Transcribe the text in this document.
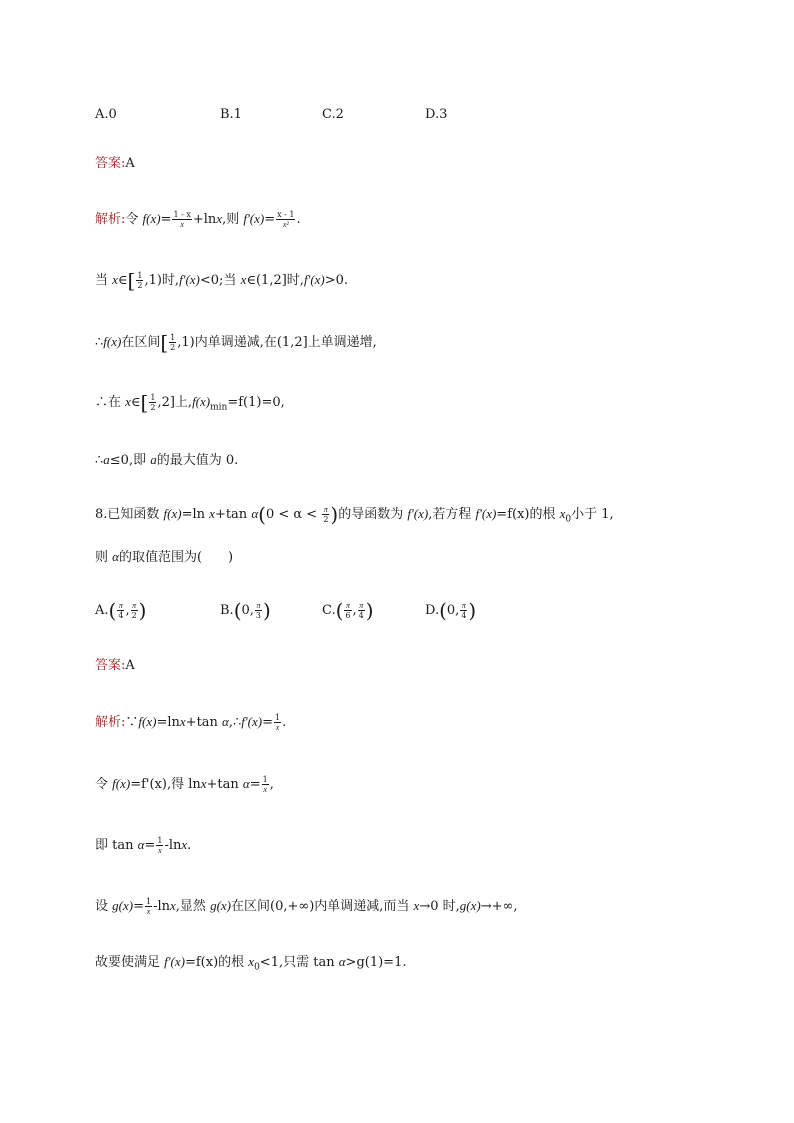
A.0	B.1	C.2	D.3
答案:A
解析:令 $f(x)= \frac{1 - x}{x} +\ln x$,则 $f'(x)= \frac{x - 1}{\text{x²}}$ .
当 x∈[ $\frac{1}{2} ,1$)时,f'(x)<0;当 x∈(1,2]时,f'(x)>0.
∴f(x)在区间[ $\frac{1}{2} ,1$)内单调递减,在(1,2]上单调递增,
∴在 x∈[ $\frac{1}{2} ,2$]上$,f(x)_{min}=f(1)=0$,
∴a≤0,即 a的最大值为 0.
8.已知函数 f(x)=ln x+tan $\alpha(0 < \alpha < \frac{\pi}{2}$ )的导函数为 f'(x),若方程 f'(x)=f(x)的根 $x_0$小于 1,
则 α的取值范围为(　　)
$A.( \frac{\pi}{4}$ , $\frac{\pi}{2}$ )	B.(0, $\frac{\pi}{3}$ )	$C.( \frac{\pi}{6}$ , $\frac{\pi}{4}$ )	D.(0, $\frac{\pi}{4}$ )
答案:A
解析:∵f(x)=lnx+tan α,∴f'(x)= $\frac{1}{x}$ .
令 f(x)=f'(x),得 lnx+tan $\alpha= \frac{1}{x}$ ,
即 $\tan \alpha= \frac{1}{x} -\ln x$.
设 $g(x)= \frac{1}{x} -\ln x$,显然 g(x)在区间(0,+∞)内单调递减,而当 x→0 时,g(x)→+∞,
故要使满足 f'(x)=f(x)的根 $x_0<1$,只需 tan α>g(1)=1.
